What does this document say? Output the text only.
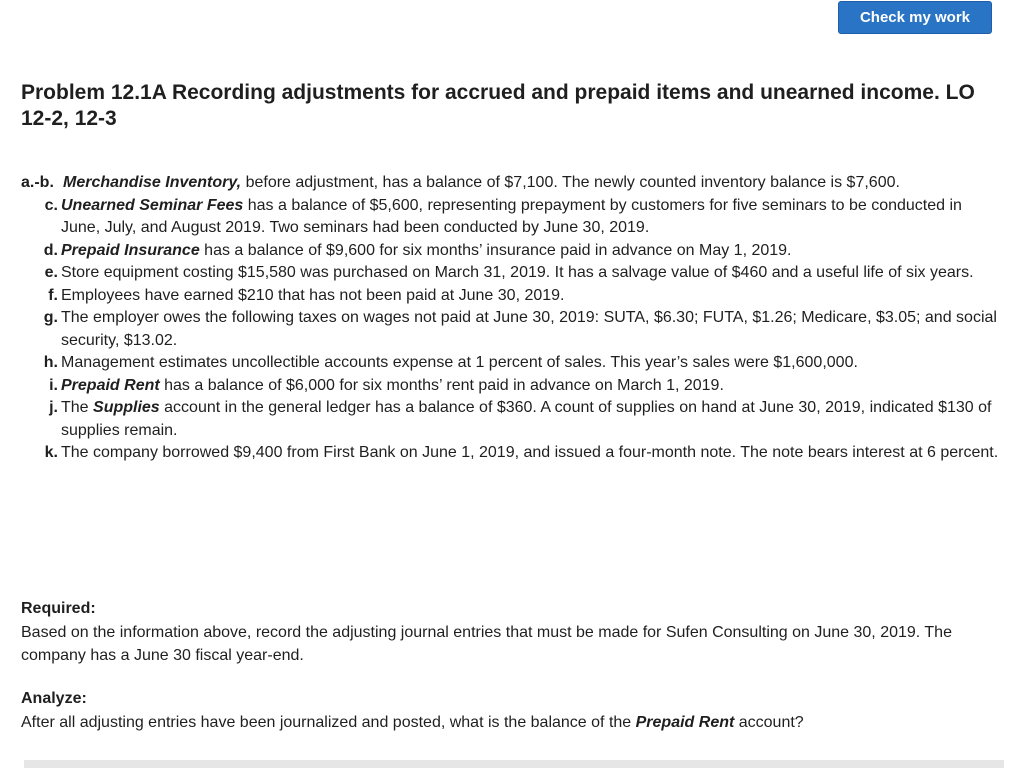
Check my work
Problem 12.1A Recording adjustments for accrued and prepaid items and unearned income. LO 12-2, 12-3
a.-b. Merchandise Inventory, before adjustment, has a balance of $7,100. The newly counted inventory balance is $7,600.
c. Unearned Seminar Fees has a balance of $5,600, representing prepayment by customers for five seminars to be conducted in June, July, and August 2019. Two seminars had been conducted by June 30, 2019.
d. Prepaid Insurance has a balance of $9,600 for six months’ insurance paid in advance on May 1, 2019.
e. Store equipment costing $15,580 was purchased on March 31, 2019. It has a salvage value of $460 and a useful life of six years.
f. Employees have earned $210 that has not been paid at June 30, 2019.
g. The employer owes the following taxes on wages not paid at June 30, 2019: SUTA, $6.30; FUTA, $1.26; Medicare, $3.05; and social security, $13.02.
h. Management estimates uncollectible accounts expense at 1 percent of sales. This year’s sales were $1,600,000.
i. Prepaid Rent has a balance of $6,000 for six months’ rent paid in advance on March 1, 2019.
j. The Supplies account in the general ledger has a balance of $360. A count of supplies on hand at June 30, 2019, indicated $130 of supplies remain.
k. The company borrowed $9,400 from First Bank on June 1, 2019, and issued a four-month note. The note bears interest at 6 percent.
Required:

Based on the information above, record the adjusting journal entries that must be made for Sufen Consulting on June 30, 2019. The company has a June 30 fiscal year-end.

Analyze:

After all adjusting entries have been journalized and posted, what is the balance of the Prepaid Rent account?
